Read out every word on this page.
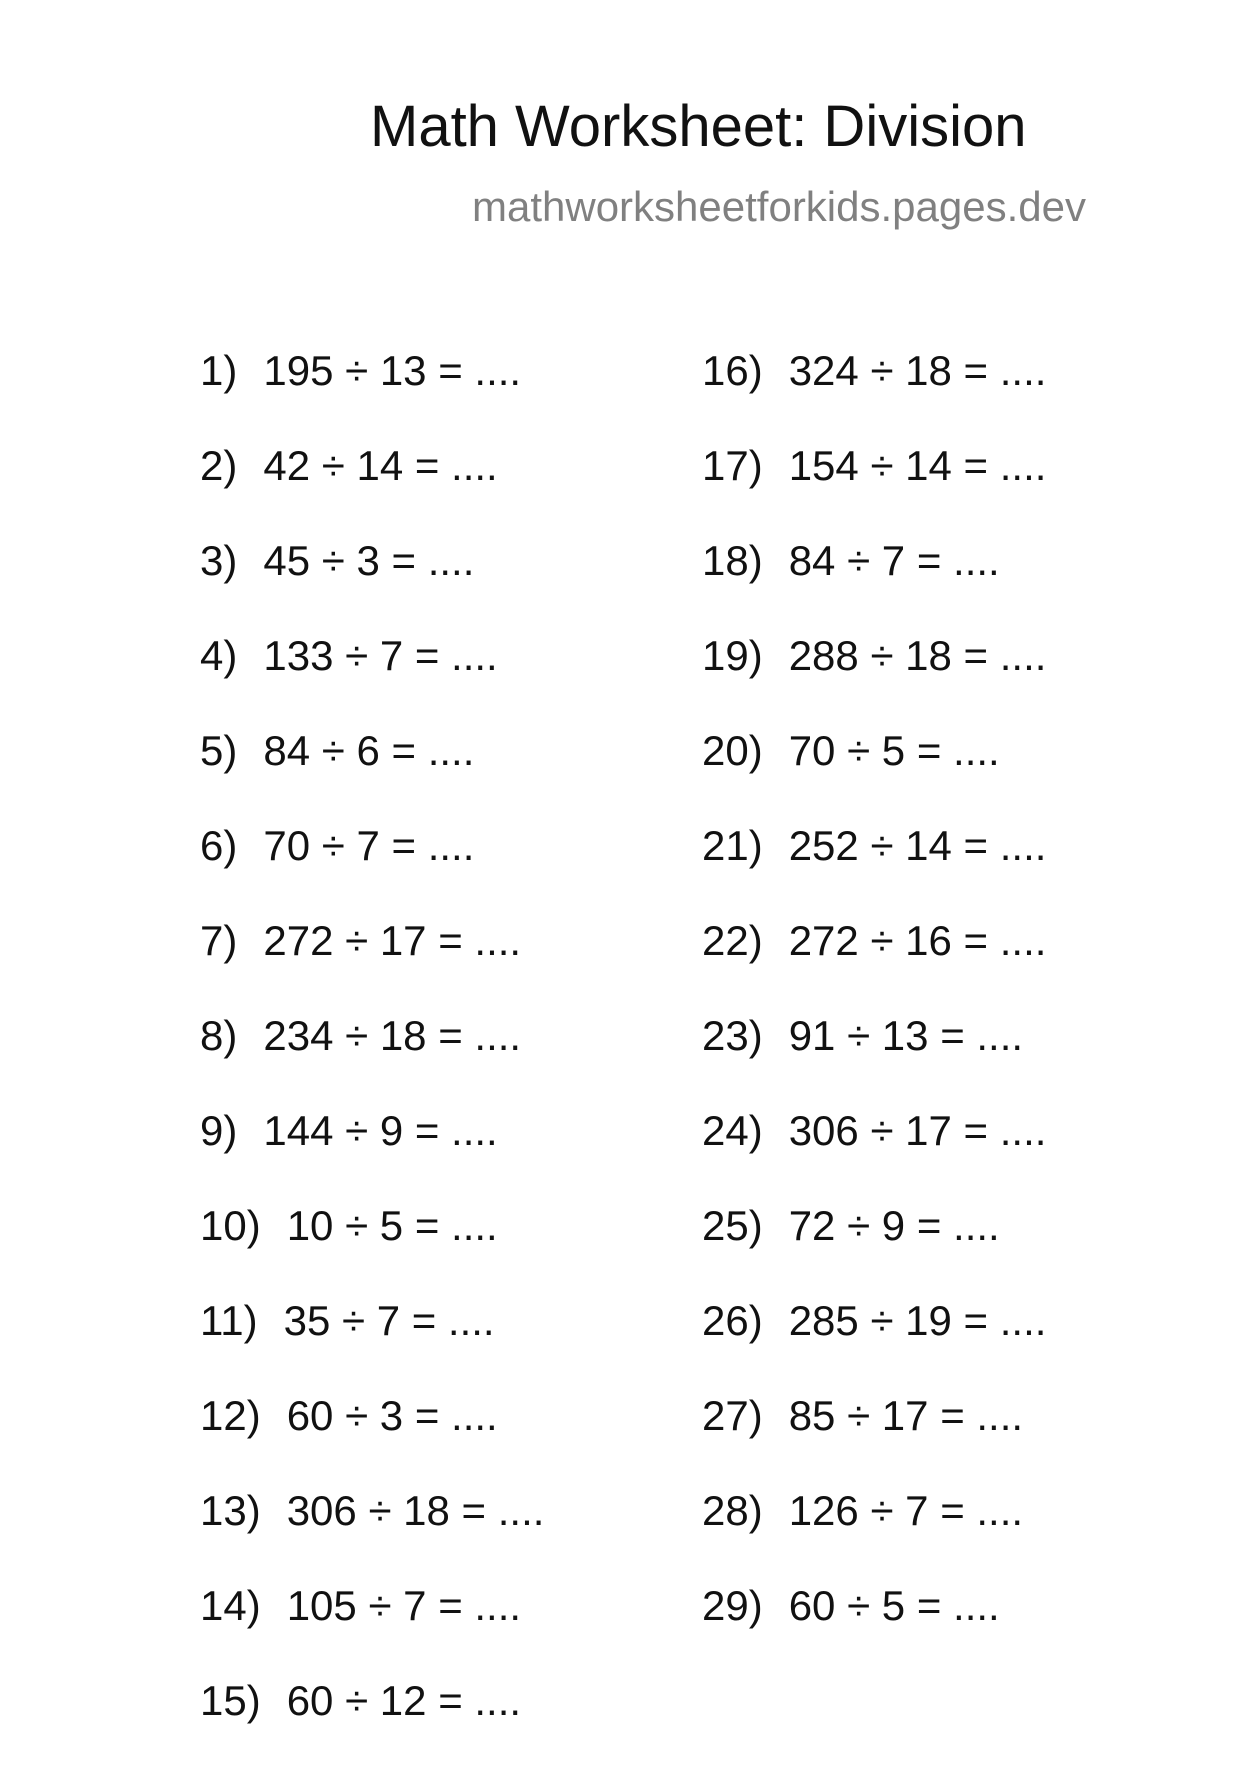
Math Worksheet: Division
mathworksheetforkids.pages.dev
1) 195 ÷ 13 = ....
2) 42 ÷ 14 = ....
3) 45 ÷ 3 = ....
4) 133 ÷ 7 = ....
5) 84 ÷ 6 = ....
6) 70 ÷ 7 = ....
7) 272 ÷ 17 = ....
8) 234 ÷ 18 = ....
9) 144 ÷ 9 = ....
10) 10 ÷ 5 = ....
11) 35 ÷ 7 = ....
12) 60 ÷ 3 = ....
13) 306 ÷ 18 = ....
14) 105 ÷ 7 = ....
15) 60 ÷ 12 = ....
16) 324 ÷ 18 = ....
17) 154 ÷ 14 = ....
18) 84 ÷ 7 = ....
19) 288 ÷ 18 = ....
20) 70 ÷ 5 = ....
21) 252 ÷ 14 = ....
22) 272 ÷ 16 = ....
23) 91 ÷ 13 = ....
24) 306 ÷ 17 = ....
25) 72 ÷ 9 = ....
26) 285 ÷ 19 = ....
27) 85 ÷ 17 = ....
28) 126 ÷ 7 = ....
29) 60 ÷ 5 = ....
